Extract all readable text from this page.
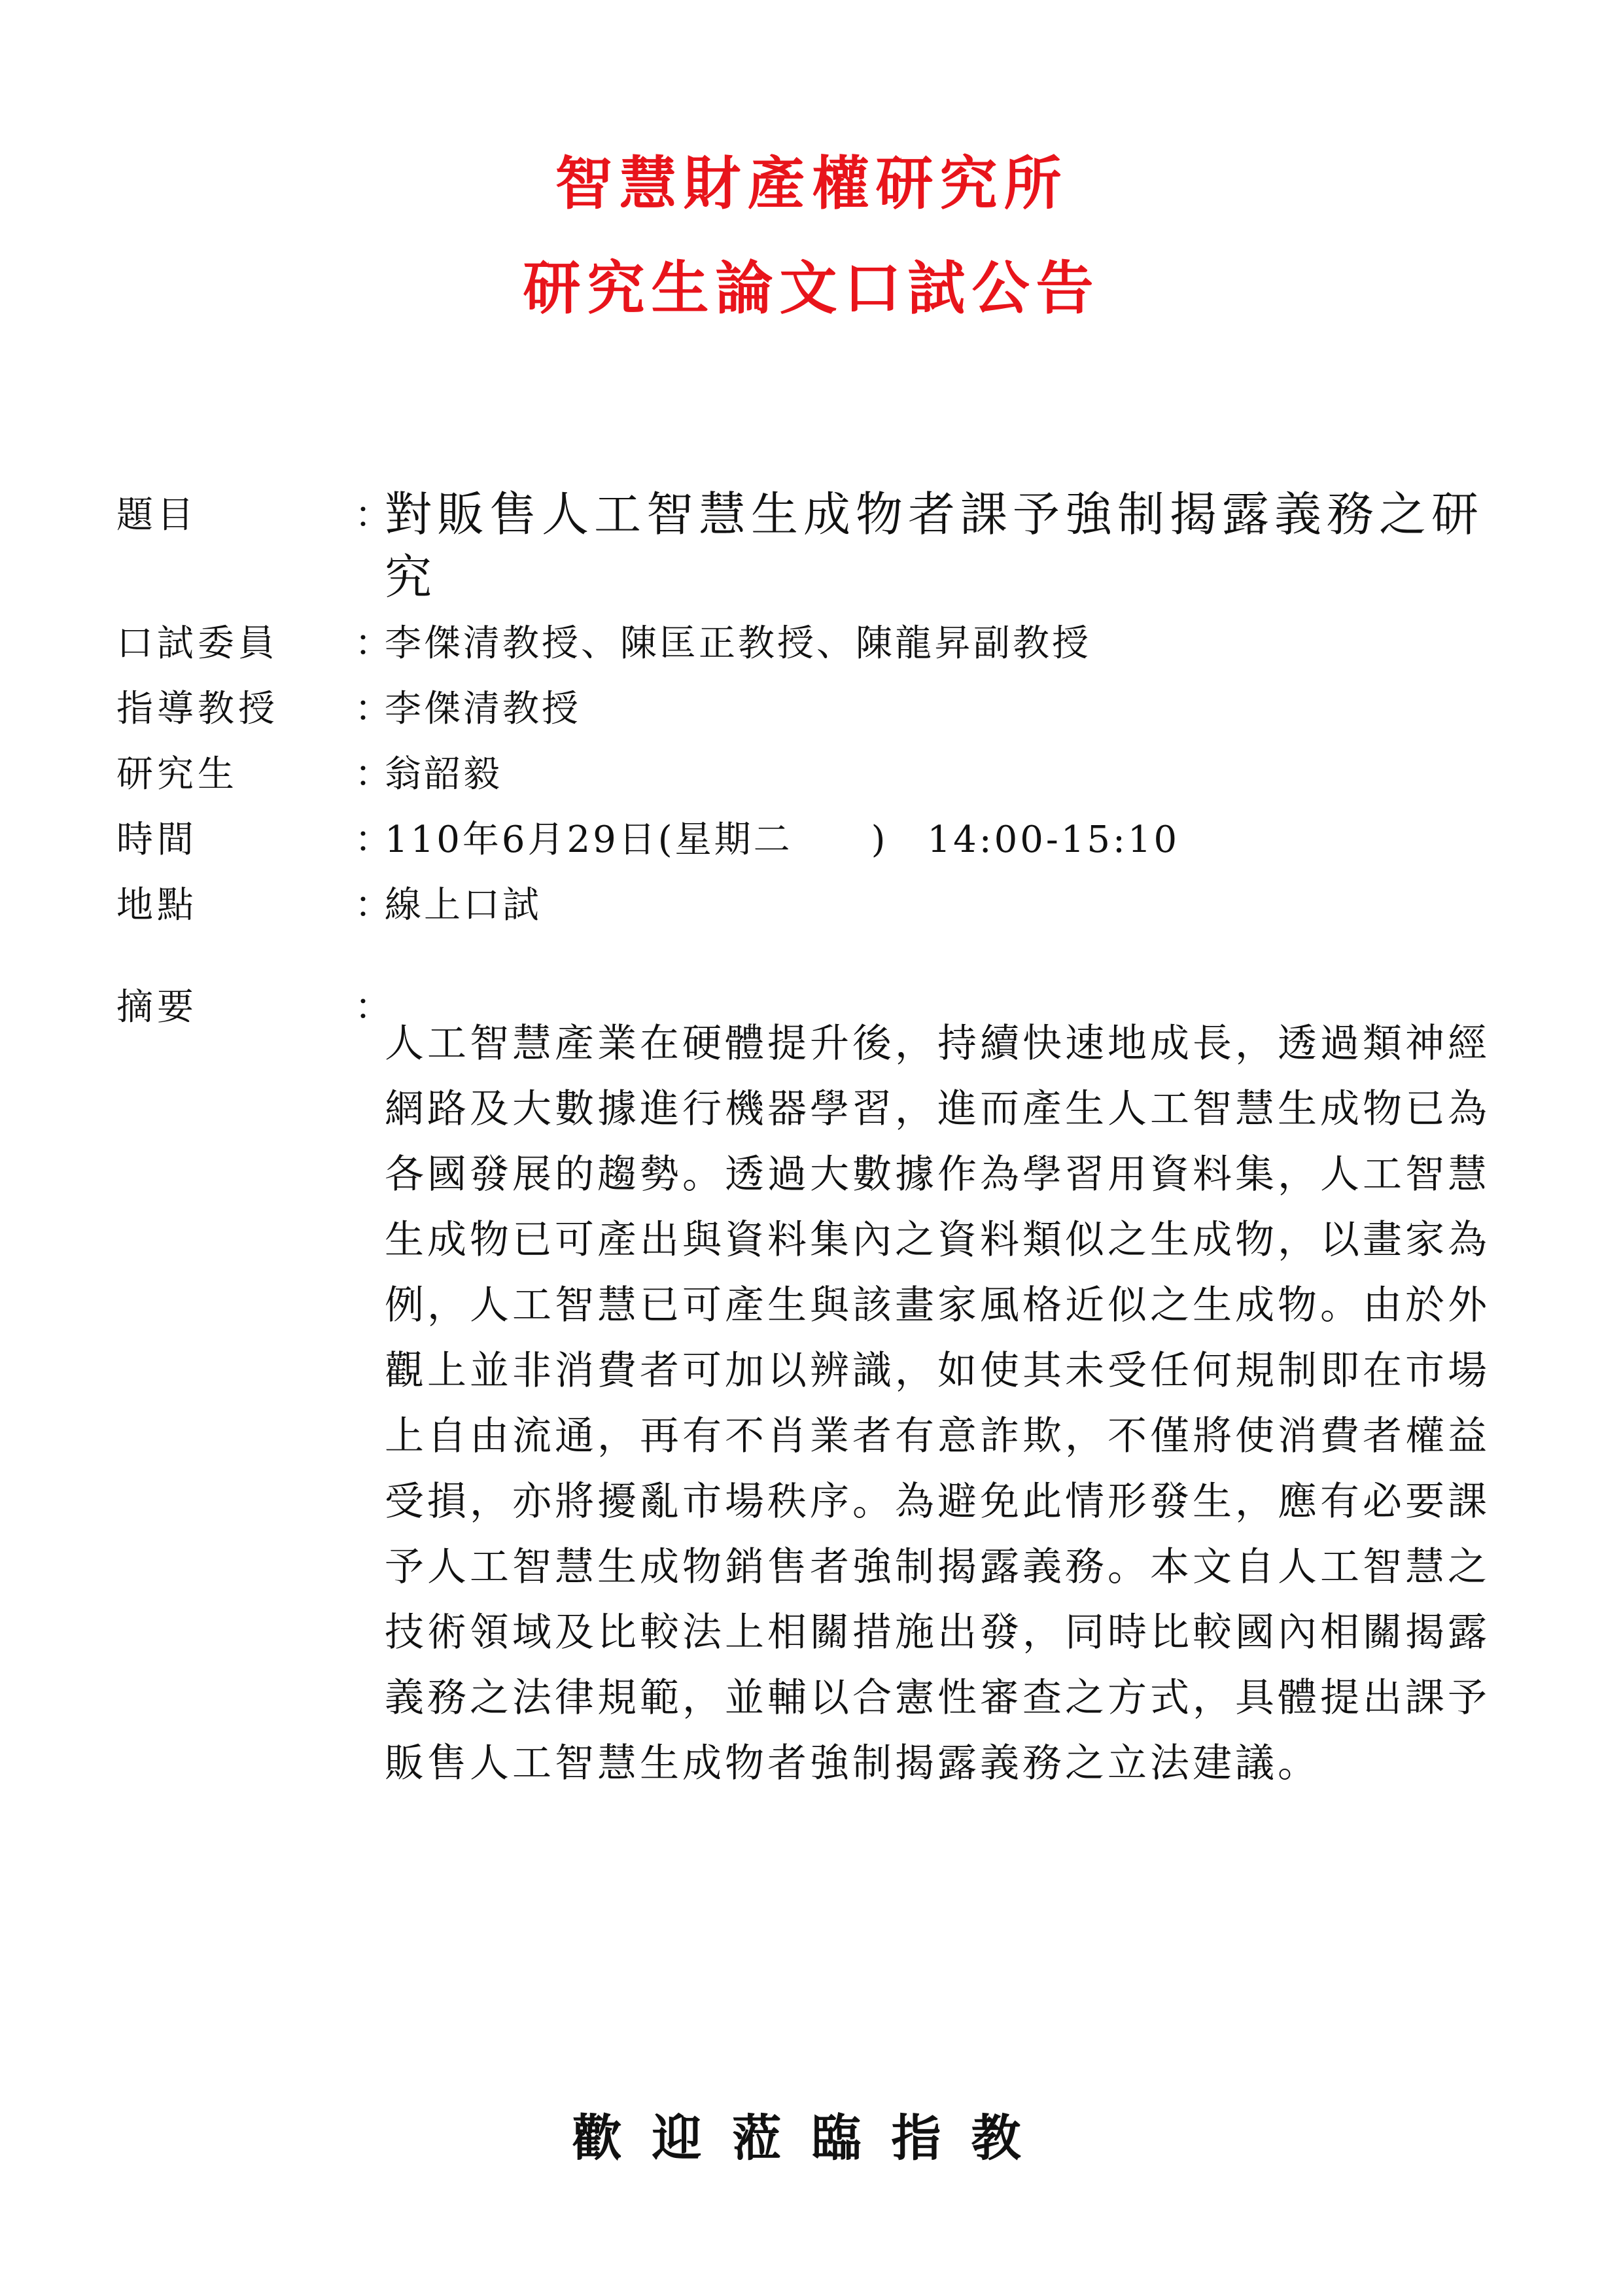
智慧財產權研究所
研究生論文口試公告
題目	：
對販售人工智慧生成物者課予強制揭露義務之研究
口試委員 ：
李傑清教授、陳匡正教授、陳龍昇副教授
指導教授 ：
李傑清教授
研究生	：
翁韶毅
時間	：
110年6月29日(星期二　　)　14:00-15:10
地點	：
線上口試
摘要	：

人工智慧產業在硬體提升後，持續快速地成長，透過類神經網路及大數據進行機器學習，進而產生人工智慧生成物已為各國發展的趨勢。透過大數據作為學習用資料集，人工智慧生成物已可產出與資料集內之資料類似之生成物，以畫家為例，人工智慧已可產生與該畫家風格近似之生成物。由於外觀上並非消費者可加以辨識，如使其未受任何規制即在市場上自由流通，再有不肖業者有意詐欺，不僅將使消費者權益受損，亦將擾亂市場秩序。為避免此情形發生，應有必要課予人工智慧生成物銷售者強制揭露義務。本文自人工智慧之技術領域及比較法上相關措施出發，同時比較國內相關揭露義務之法律規範，並輔以合憲性審查之方式，具體提出課予販售人工智慧生成物者強制揭露義務之立法建議。

歡迎蒞臨指教
